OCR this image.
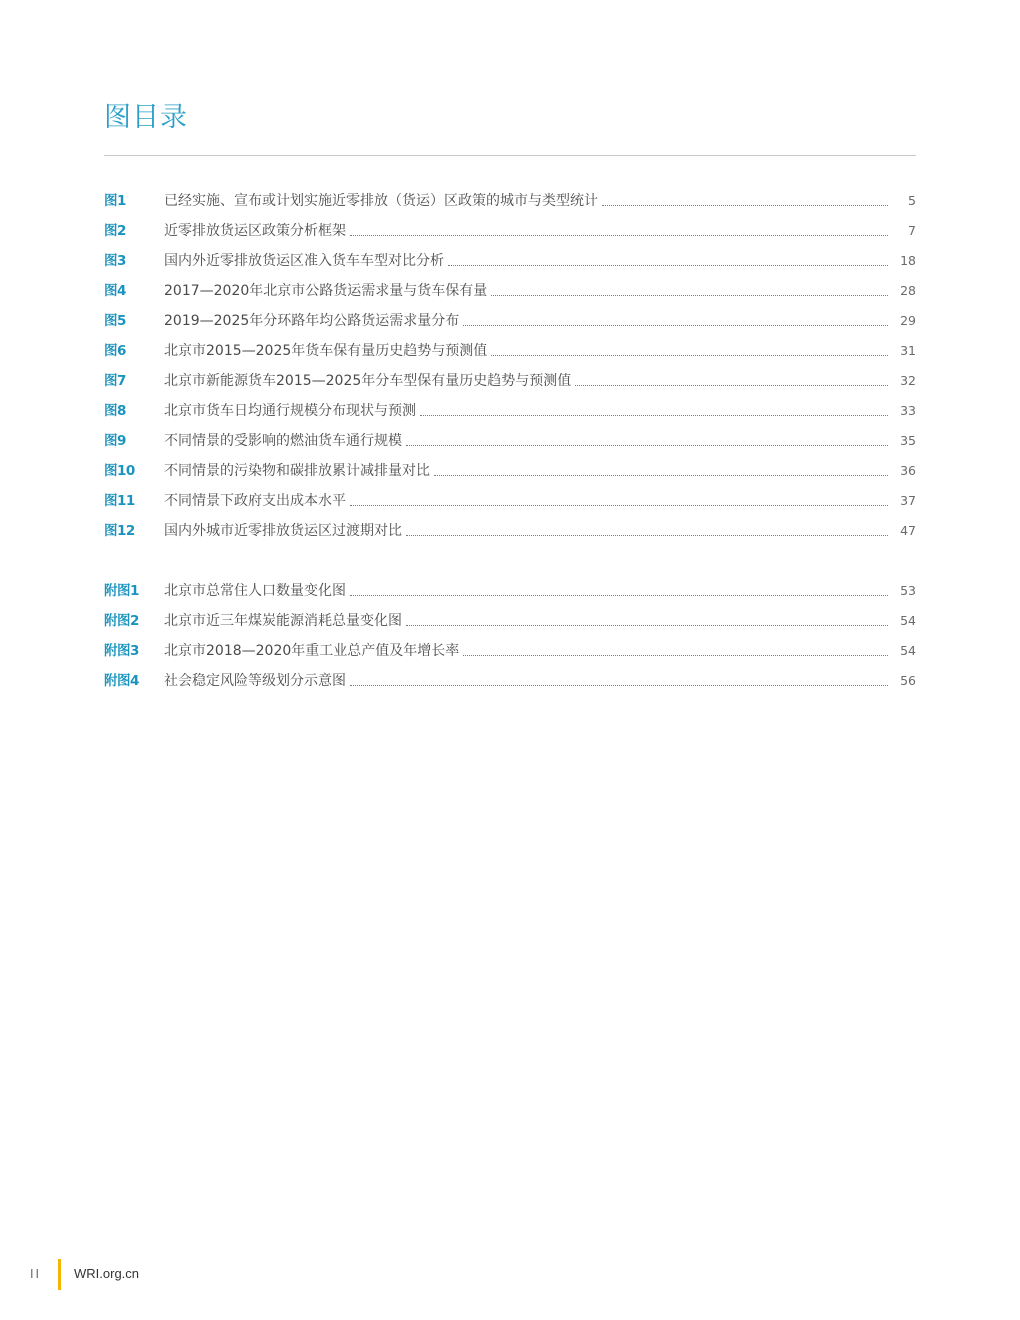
图目录
图1	已经实施、宣布或计划实施近零排放（货运）区政策的城市与类型统计	5
图2	近零排放货运区政策分析框架	7
图3	国内外近零排放货运区准入货车车型对比分析	18
图4	2017—2020年北京市公路货运需求量与货车保有量	28
图5	2019—2025年分环路年均公路货运需求量分布	29
图6	北京市2015—2025年货车保有量历史趋势与预测值	31
图7	北京市新能源货车2015—2025年分车型保有量历史趋势与预测值	32
图8	北京市货车日均通行规模分布现状与预测	33
图9	不同情景的受影响的燃油货车通行规模	35
图10	不同情景的污染物和碳排放累计减排量对比	36
图11	不同情景下政府支出成本水平	37
图12	国内外城市近零排放货运区过渡期对比	47
附图1	北京市总常住人口数量变化图	53
附图2	北京市近三年煤炭能源消耗总量变化图	54
附图3	北京市2018—2020年重工业总产值及年增长率	54
附图4	社会稳定风险等级划分示意图	56
II	WRI.org.cn
